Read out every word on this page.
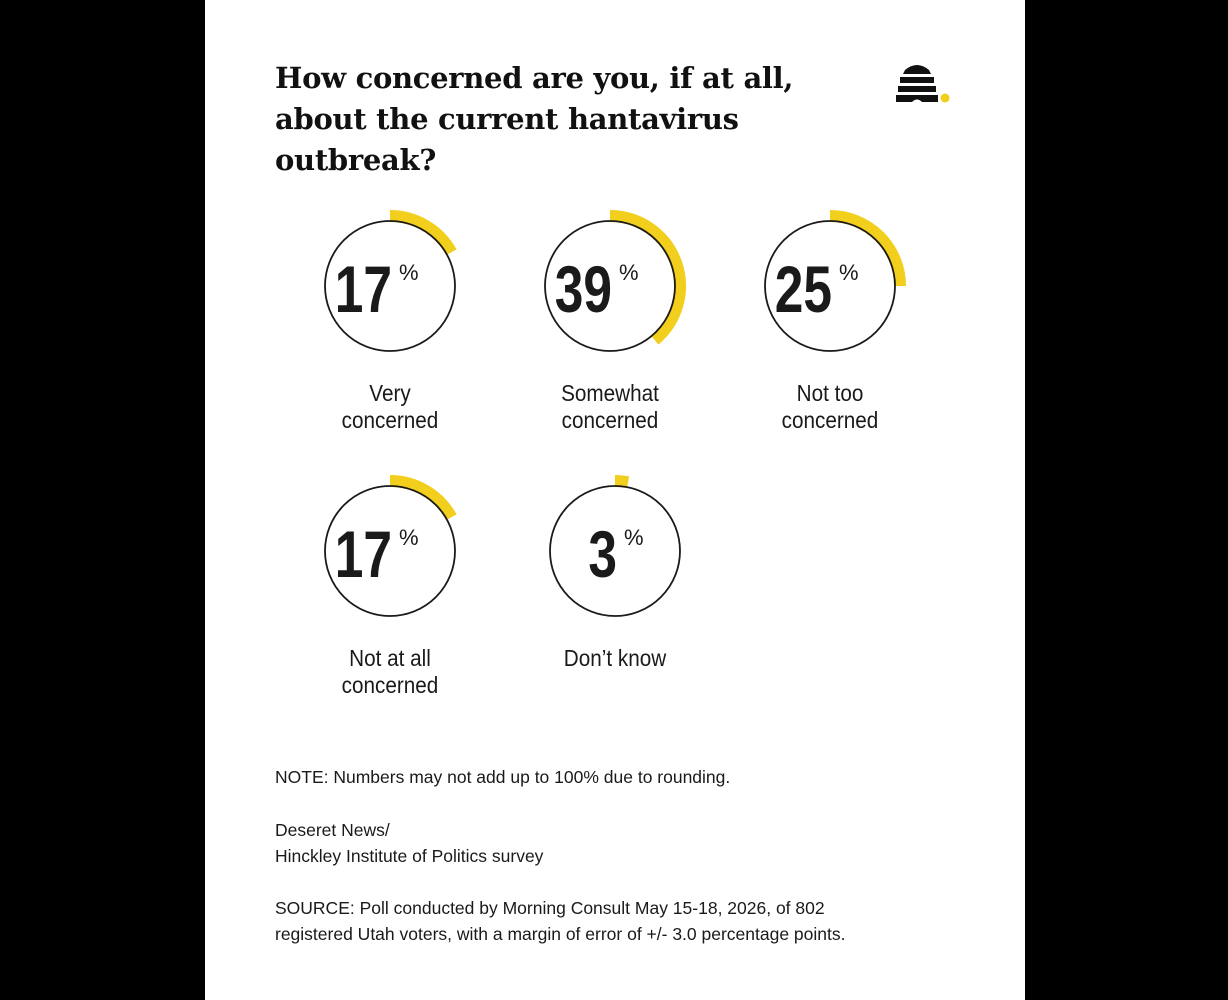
How concerned are you, if at all, about the current hantavirus outbreak?
17 %
Very
concerned
39 %
Somewhat
concerned
25 %
Not too
concerned
17 %
Not at all
concerned
3 %
Don’t know

NOTE: Numbers may not add up to 100% due to rounding.

Deseret News/
Hinckley Institute of Politics survey

SOURCE: Poll conducted by Morning Consult May 15-18, 2026, of 802
registered Utah voters, with a margin of error of +/- 3.0 percentage points.
